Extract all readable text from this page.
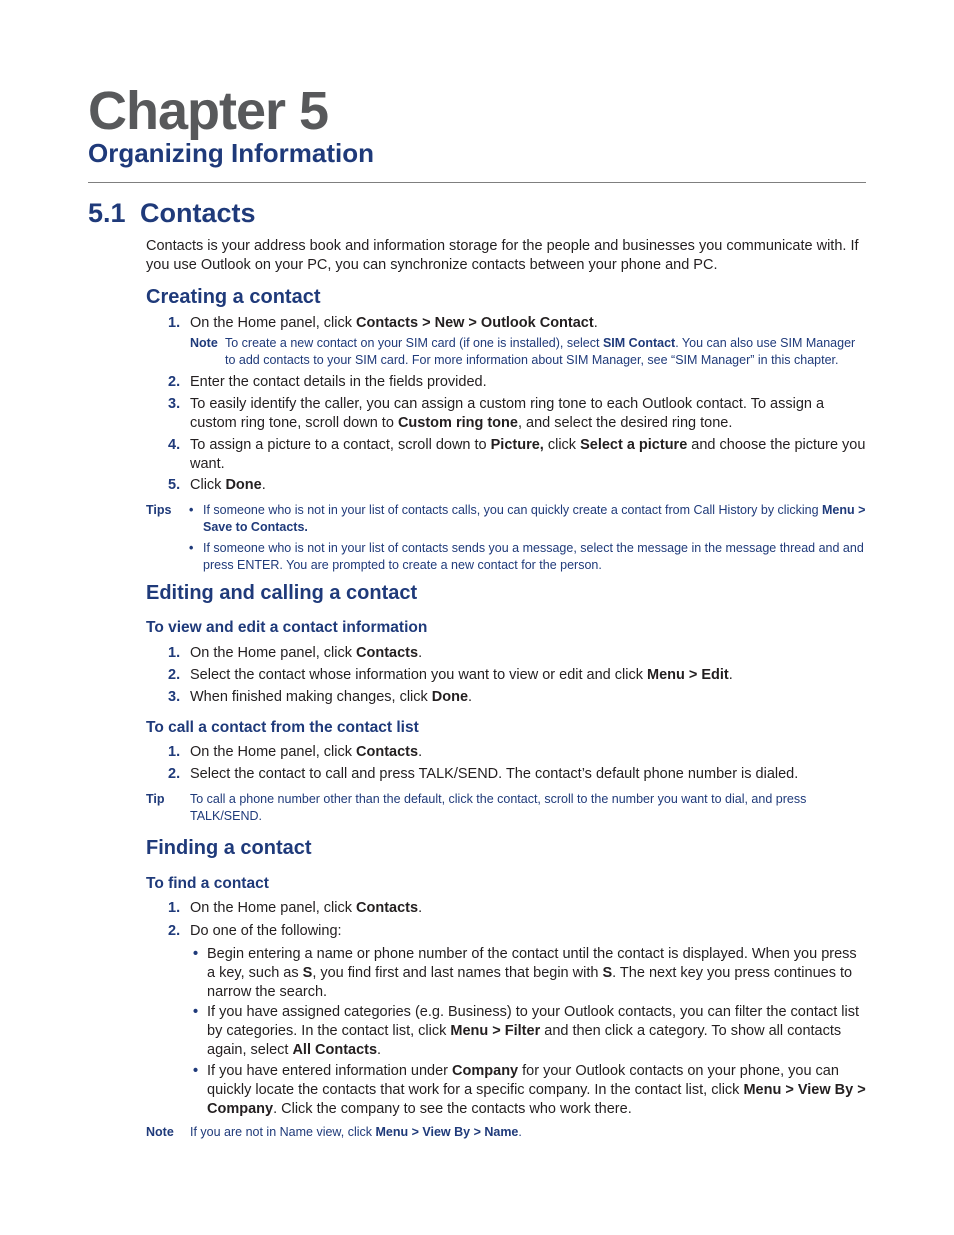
Chapter 5
Organizing Information
5.1 Contacts

Contacts is your address book and information storage for the people and businesses you communicate with. If you use Outlook on your PC, you can synchronize contacts between your phone and PC.

Creating a contact
1. On the Home panel, click Contacts > New > Outlook Contact.
Note To create a new contact on your SIM card (if one is installed), select SIM Contact. You can also use SIM Manager to add contacts to your SIM card. For more information about SIM Manager, see “SIM Manager” in this chapter.
2. Enter the contact details in the fields provided.
3. To easily identify the caller, you can assign a custom ring tone to each Outlook contact. To assign a custom ring tone, scroll down to Custom ring tone, and select the desired ring tone.
4. To assign a picture to a contact, scroll down to Picture, click Select a picture and choose the picture you want.
5. Click Done.
Tips • If someone who is not in your list of contacts calls, you can quickly create a contact from Call History by clicking Menu > Save to Contacts.
• If someone who is not in your list of contacts sends you a message, select the message in the message thread and and press ENTER. You are prompted to create a new contact for the person.
Editing and calling a contact
To view and edit a contact information
1. On the Home panel, click Contacts.
2. Select the contact whose information you want to view or edit and click Menu > Edit.
3. When finished making changes, click Done.
To call a contact from the contact list
1. On the Home panel, click Contacts.
2. Select the contact to call and press TALK/SEND. The contact’s default phone number is dialed.
Tip To call a phone number other than the default, click the contact, scroll to the number you want to dial, and press TALK/SEND.
Finding a contact
To find a contact
1. On the Home panel, click Contacts.
2. Do one of the following:
• Begin entering a name or phone number of the contact until the contact is displayed. When you press a key, such as S, you find first and last names that begin with S. The next key you press continues to narrow the search.
• If you have assigned categories (e.g. Business) to your Outlook contacts, you can filter the contact list by categories. In the contact list, click Menu > Filter and then click a category. To show all contacts again, select All Contacts.
• If you have entered information under Company for your Outlook contacts on your phone, you can quickly locate the contacts that work for a specific company. In the contact list, click Menu > View By > Company. Click the company to see the contacts who work there.
Note If you are not in Name view, click Menu > View By > Name.
